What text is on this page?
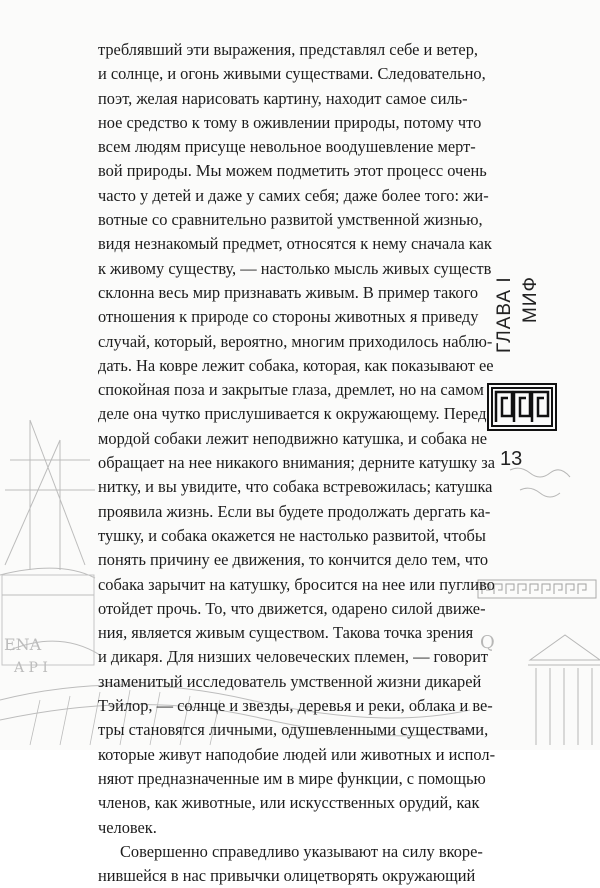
ENA
A P I
Q
треблявший эти выражения, представлял себе и ветер,
и солнце, и огонь живыми существами. Следовательно,
поэт, желая нарисовать картину, находит самое силь-
ное средство к тому в оживлении природы, потому что
всем людям присуще невольное воодушевление мерт-
вой природы. Мы можем подметить этот процесс очень
часто у детей и даже у самих себя; даже более того: жи-
вотные со сравнительно развитой умственной жизнью,
видя незнакомый предмет, относятся к нему сначала как
к живому существу, — настолько мысль живых существ
склонна весь мир признавать живым. В пример такого
отношения к природе со стороны животных я приведу
случай, который, вероятно, многим приходилось наблю-
дать. На ковре лежит собака, которая, как показывают ее
спокойная поза и закрытые глаза, дремлет, но на самом
деле она чутко прислушивается к окружающему. Перед
мордой собаки лежит неподвижно катушка, и собака не
обращает на нее никакого внимания; дерните катушку за
нитку, и вы увидите, что собака встревожилась; катушка
проявила жизнь. Если вы будете продолжать дергать ка-
тушку, и собака окажется не настолько развитой, чтобы
понять причину ее движения, то кончится дело тем, что
собака зарычит на катушку, бросится на нее или пугливо
отойдет прочь. То, что движется, одарено силой движе-
ния, является живым существом. Такова точка зрения
и дикаря. Для низших человеческих племен, — говорит
знаменитый исследователь умственной жизни дикарей
Тэйлор, — солнце и звезды, деревья и реки, облака и ве-
тры становятся личными, одушевленными существами,
которые живут наподобие людей или животных и испол-
няют предназначенные им в мире функции, с помощью
членов, как животные, или искусственных орудий, как
человек.
Совершенно справедливо указывают на силу вкоре-
нившейся в нас привычки олицетворять окружающий
ГЛАВА I МИФ
13
